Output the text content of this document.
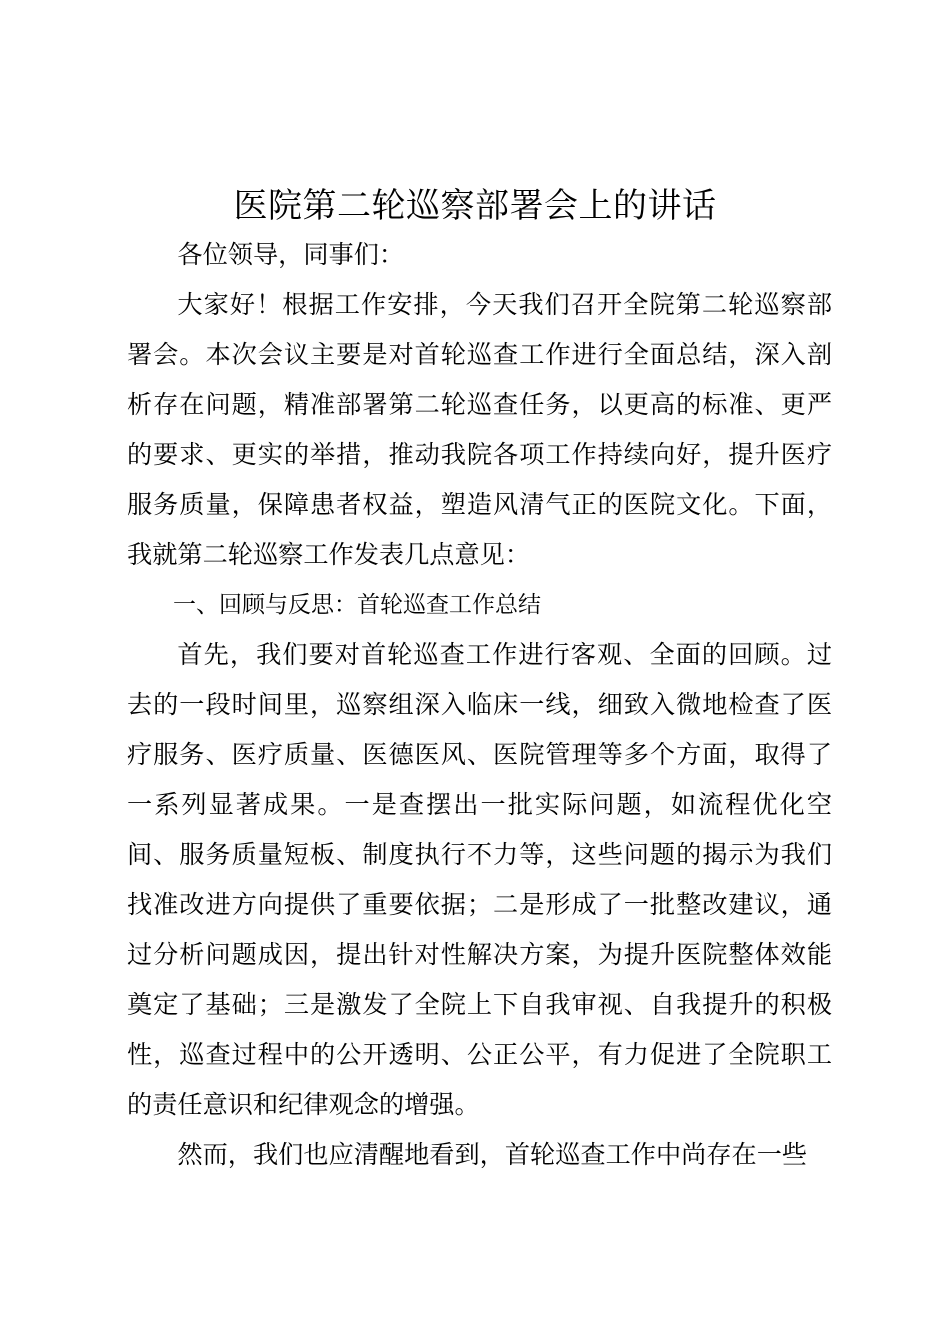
医院第二轮巡察部署会上的讲话

各位领导，同事们：

大家好！根据工作安排，今天我们召开全院第二轮巡察部署会。本次会议主要是对首轮巡查工作进行全面总结，深入剖析存在问题，精准部署第二轮巡查任务，以更高的标准、更严的要求、更实的举措，推动我院各项工作持续向好，提升医疗服务质量，保障患者权益，塑造风清气正的医院文化。下面，我就第二轮巡察工作发表几点意见：

一、回顾与反思：首轮巡查工作总结

首先，我们要对首轮巡查工作进行客观、全面的回顾。过去的一段时间里，巡察组深入临床一线，细致入微地检查了医疗服务、医疗质量、医德医风、医院管理等多个方面，取得了一系列显著成果。一是查摆出一批实际问题，如流程优化空间、服务质量短板、制度执行不力等，这些问题的揭示为我们找准改进方向提供了重要依据；二是形成了一批整改建议，通过分析问题成因，提出针对性解决方案，为提升医院整体效能奠定了基础；三是激发了全院上下自我审视、自我提升的积极性，巡查过程中的公开透明、公正公平，有力促进了全院职工的责任意识和纪律观念的增强。

然而，我们也应清醒地看到，首轮巡查工作中尚存在一些
